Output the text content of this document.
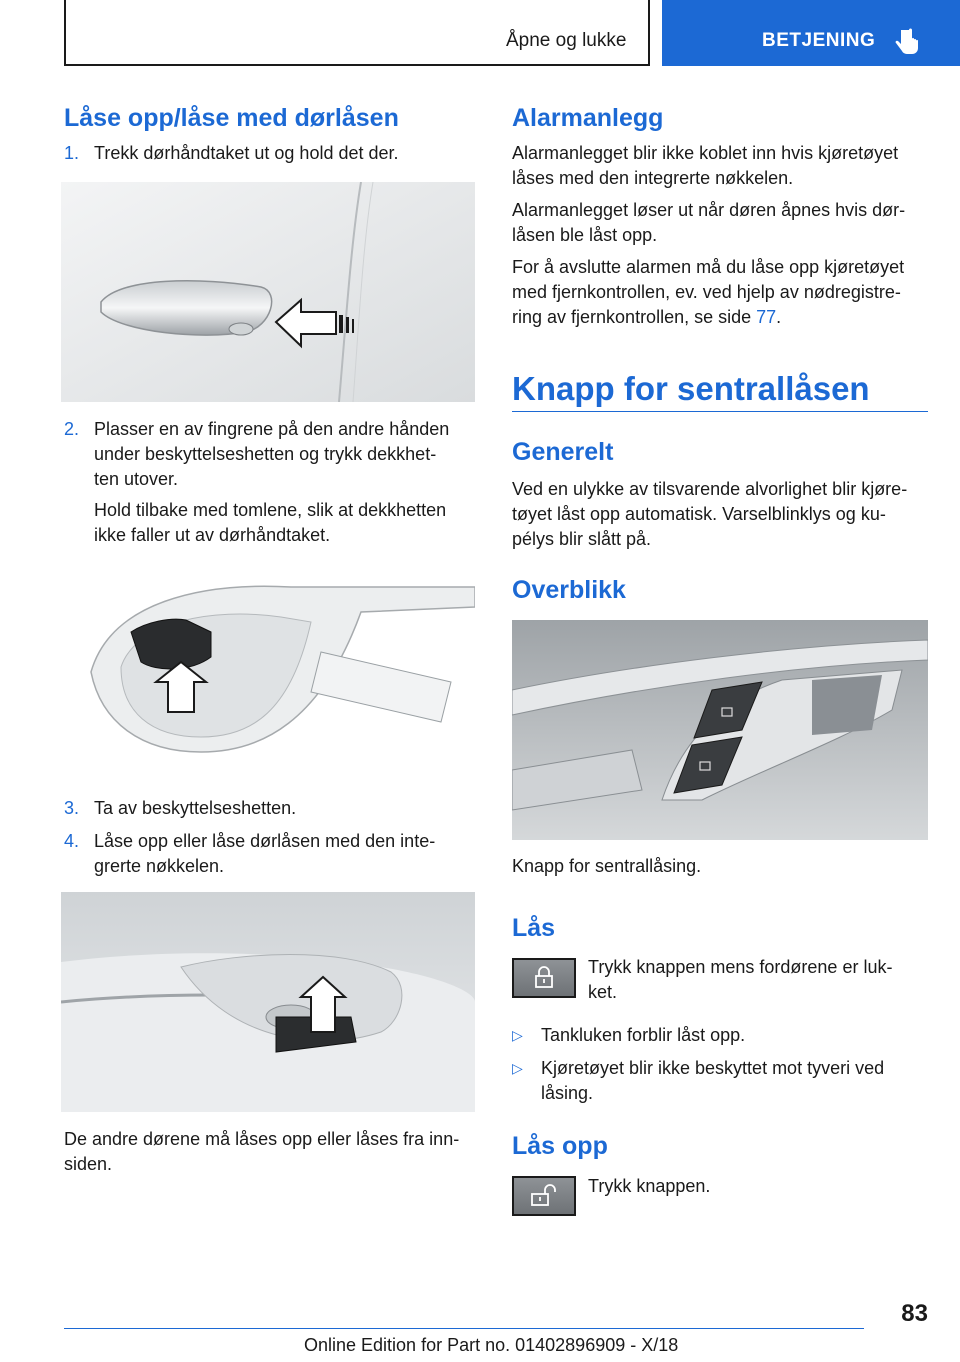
Åpne og lukke	BETJENING
Låse opp/låse med dørlåsen
1. Trekk dørhåndtaket ut og hold det der.
2. Plasser en av fingrene på den andre hånden
under beskyttelseshetten og trykk dekkhet-
ten utover.
Hold tilbake med tomlene, slik at dekkhetten
ikke faller ut av dørhåndtaket.
3. Ta av beskyttelseshetten.
4. Låse opp eller låse dørlåsen med den inte-
grerte nøkkelen.
De andre dørene må låses opp eller låses fra inn-
siden.
Alarmanlegg
Alarmanlegget blir ikke koblet inn hvis kjøretøyet
låses med den integrerte nøkkelen.
Alarmanlegget løser ut når døren åpnes hvis dør-
låsen ble låst opp.
For å avslutte alarmen må du låse opp kjøretøyet
med fjernkontrollen, ev. ved hjelp av nødregistre-
ring av fjernkontrollen, se side 77.
Knapp for sentrallåsen
Generelt
Ved en ulykke av tilsvarende alvorlighet blir kjøre-
tøyet låst opp automatisk. Varselblinklys og ku-
pélys blir slått på.
Overblikk
Knapp for sentrallåsing.
Lås
Trykk knappen mens fordørene er luk-
ket.
▷ Tankluken forblir låst opp.
▷ Kjøretøyet blir ikke beskyttet mot tyveri ved
låsing.
Lås opp
Trykk knappen.
83
Online Edition for Part no. 01402896909 - X/18
